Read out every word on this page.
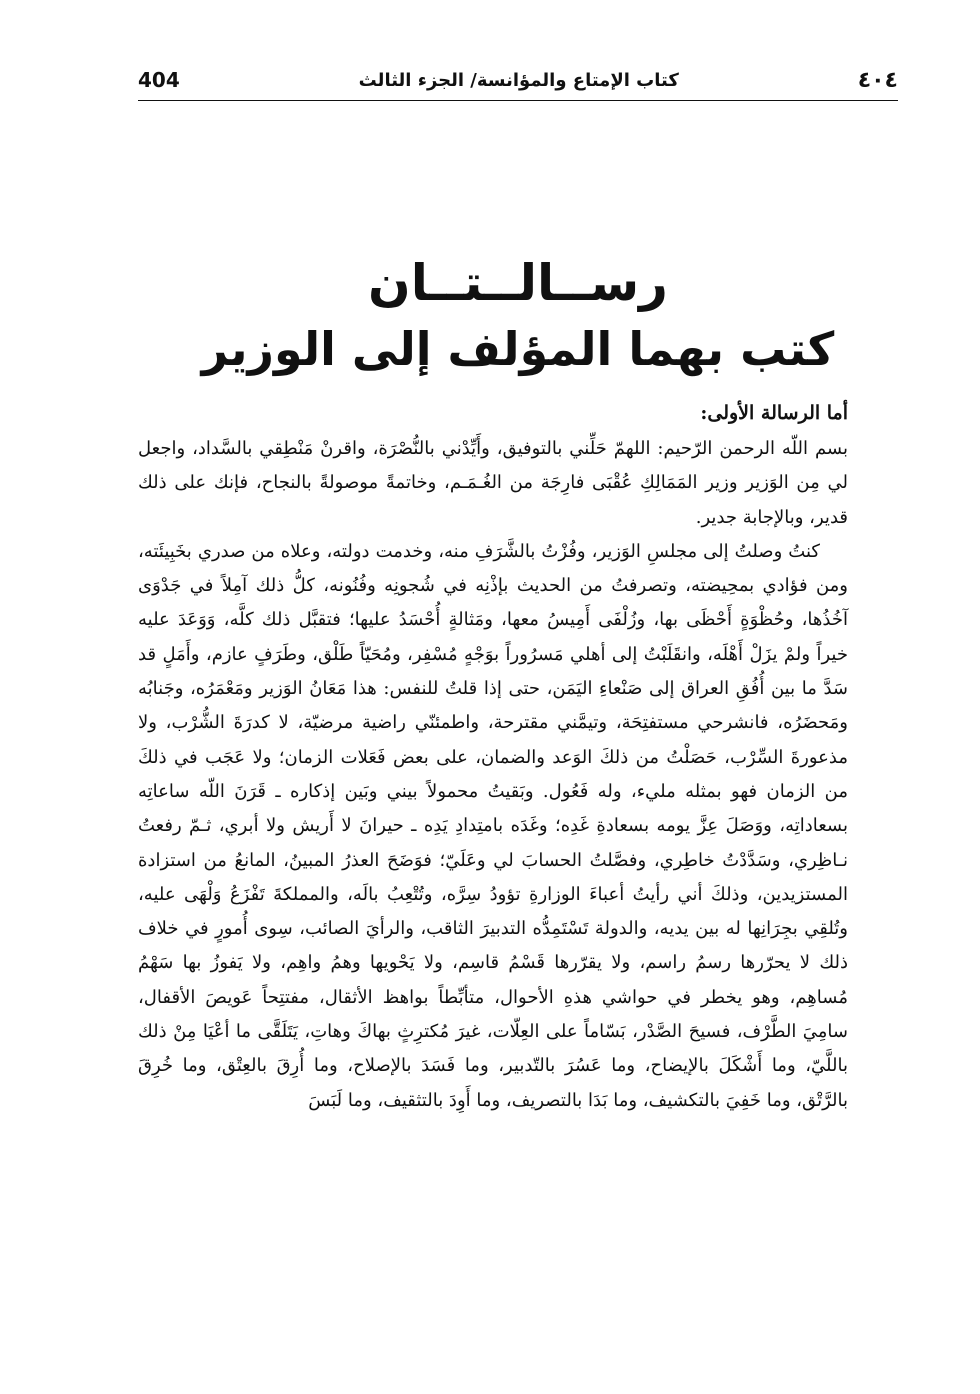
404	كتاب الإمتاع والمؤانسة/ الجزء الثالث	٤٠٤
رســالــتــان
كتب بهما المؤلف إلى الوزير
أما الرسالة الأولى:

بسم اللّه الرحمن الرّحيم: اللهمّ حَلِّني بالتوفيق، وأَيِّدْني بالنُّصْرَة، واقرنْ مَنْطِقي بالسَّداد، واجعل لي مِن الوَزير وزير المَمَالِكِ عُقْبَى فارِجَة من الغُـمَـم، وخاتمةً موصولةً بالنجاح، فإنك على ذلك قدير، وبالإجابة جدير.

كنتُ وصلتُ إلى مجلسِ الوَزير، وفُزْتُ بالشَّرَفِ منه، وخدمت دولته، وعلاه من صدري بخَبِيئَته، ومن فؤادي بمحِيضته، وتصرفتُ من الحديث بإذْنِه في شُجونِه وفُنُونه، كلُّ ذلك آمِلاً في جَدْوَى آخُذُها، وحُظْوَةٍ أَحْظَى بها، وزُلْفَى أَمِيسُ معها، ومَثالةٍ أُحْسَدُ عليها؛ فتقبَّل ذلك كلَّه، وَوَعَدَ عليه خيراً ولمْ يزَلْ أَهْلَه، وانقَلَبْتُ إلى أهلي مَسرُوراً بوَجْهٍ مُسْفِر، ومُحَيّاً طَلْق، وطَرَفٍ عازم، وأَمَلٍ قد سَدَّ ما بين أُفُقِ العراق إلى صَنْعاءِ اليَمَن، حتى إذا قلتُ للنفس: هذا مَعَانُ الوَزير ومَعْمَرُه، وجَنابُه ومَحضَرُه، فانشرحي مستفتِحَة، وتيمَّني مقترحة، واطمئنّي راضية مرضيّة، لا كدرَةَ الشُّرْب، ولا مذعورةَ السِّرْب، حَصَلْتُ من ذلكَ الوَعد والضمان، على بعض فَعَلات الزمان؛ ولا عَجَب في ذلكَ من الزمان فهو بمثله مليء، وله فَعُول. وبَقيتُ محمولاً بيني وبَين إذكاره ـ قَرَنَ اللّه ساعاتِه بسعاداتِه، ووَصَلَ عِزَّ يومه بسعادةِ غَدِه؛ وغَدَه بامتِدادِ يَدِه ـ حيرانَ لا أَريش ولا أبري، ثـمّ رفعتُ نـاظِري، وسَدَّدْتُ خاطِري، وفصَّلتُ الحسابَ لي وعَلَيّ؛ فوَضَحَ العذرُ المبينُ، المانعُ من استزادة المستزيدين، وذلكَ أني رأيتُ أعباءَ الوزارةِ تؤودُ سِرَّه، وتُتْعِبُ بالَه، والمملكةَ تَفْزَعُ وَلْهَى عليه، وتُلقِي بجِرَانِها له بين يديه، والدولة تَسْتَمِدُّه التدبيرَ الثاقب، والرأيَ الصائب، سِوى أُمورٍ في خلاف ذلك لا يحرّرها رسمُ راسم، ولا يقرّرها قَسْمُ قاسِم، ولا يَحْويها وهمُ واهِم، ولا يَفوزُ بها سَهْمُ مُساهِم، وهو يخطر في حواشي هذهِ الأحوال، متأبِّطاً بواهظ الأثقال، مفتتِحاً عَويصَ الأقفال، سامِيَ الطَّرْف، فسيحَ الصَّدْر، بَسّاماً على العِلّات، غيرَ مُكترِثٍ بهاكَ وهاتِ، يَتَلَقَّى ما أعْيَا مِنْ ذلك باللَّيّ، وما أَشْكَلَ بالإيضاح، وما عَسُرَ بالتّدبير، وما فَسَدَ بالإصلاح، وما أُرِقَ بالعِتْق، وما خُرِقَ بالرَّتْق، وما خَفِيَ بالتكشيف، وما بَدَا بالتصريف، وما أَوِدَ بالتثقيف، وما لَبَسَ
